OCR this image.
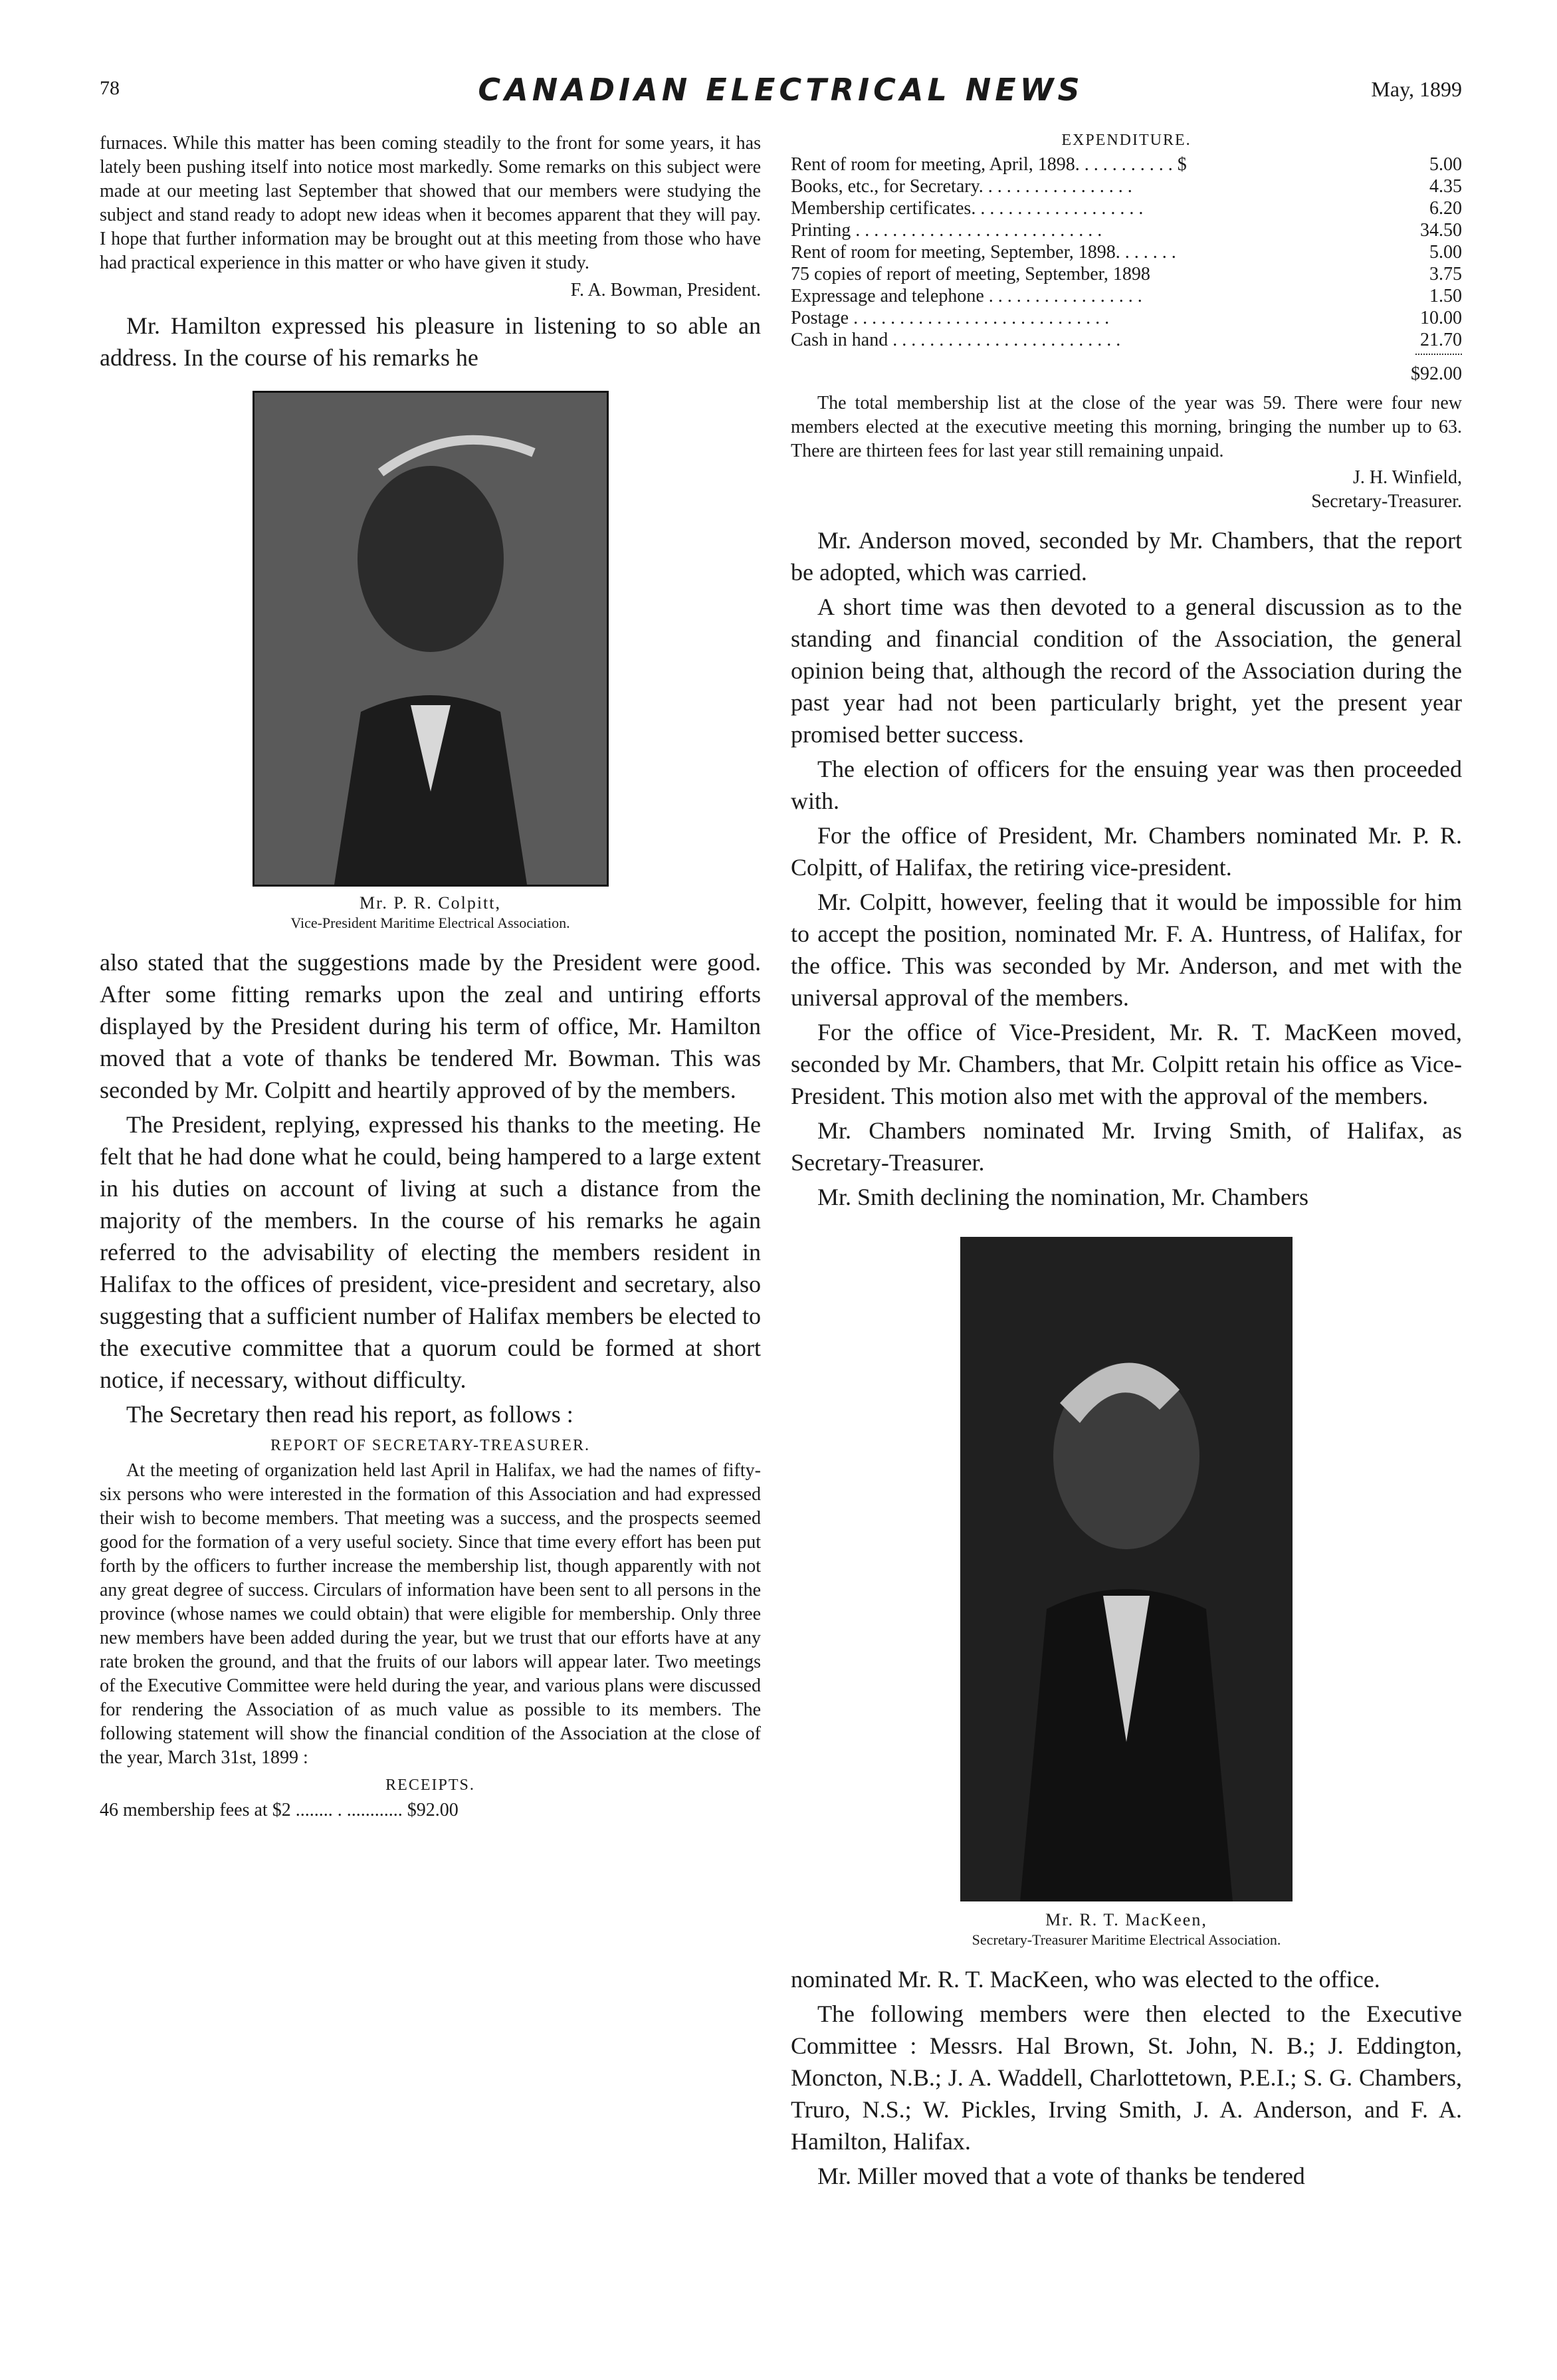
78	CANADIAN ELECTRICAL NEWS	May, 1899

furnaces. While this matter has been coming steadily to the front for some years, it has lately been pushing itself into notice most markedly. Some remarks on this subject were made at our meeting last September that showed that our members were studying the subject and stand ready to adopt new ideas when it becomes apparent that they will pay. I hope that further information may be brought out at this meeting from those who have had practical experience in this matter or who have given it study.

F. A. Bowman, President.

Mr. Hamilton expressed his pleasure in listening to so able an address. In the course of his remarks he

Mr. P. R. Colpitt,
Vice-President Maritime Electrical Association.

also stated that the suggestions made by the President were good. After some fitting remarks upon the zeal and untiring efforts displayed by the President during his term of office, Mr. Hamilton moved that a vote of thanks be tendered Mr. Bowman. This was seconded by Mr. Colpitt and heartily approved of by the members.

The President, replying, expressed his thanks to the meeting. He felt that he had done what he could, being hampered to a large extent in his duties on account of living at such a distance from the majority of the members. In the course of his remarks he again referred to the advisability of electing the members resident in Halifax to the offices of president, vice-president and secretary, also suggesting that a sufficient number of Halifax members be elected to the executive committee that a quorum could be formed at short notice, if necessary, without difficulty.

The Secretary then read his report, as follows :

REPORT OF SECRETARY-TREASURER.

At the meeting of organization held last April in Halifax, we had the names of fifty-six persons who were interested in the formation of this Association and had expressed their wish to become members. That meeting was a success, and the prospects seemed good for the formation of a very useful society. Since that time every effort has been put forth by the officers to further increase the membership list, though apparently with not any great degree of success. Circulars of information have been sent to all persons in the province (whose names we could obtain) that were eligible for membership. Only three new members have been added during the year, but we trust that our efforts have at any rate broken the ground, and that the fruits of our labors will appear later. Two meetings of the Executive Committee were held during the year, and various plans were discussed for rendering the Association of as much value as possible to its members. The following statement will show the financial condition of the Association at the close of the year, March 31st, 1899 :

RECEIPTS.

46 membership fees at $2 ........ . ............ $92.00

EXPENDITURE.
Rent of room for meeting, April, 1898. . . . . . . . . . . $	5.00
Books, etc., for Secretary. . . . . . . . . . . . . . . . .	4.35
Membership certificates. . . . . . . . . . . . . . . . . . .	6.20
Printing . . . . . . . . . . . . . . . . . . . . . . . . . . .	34.50
Rent of room for meeting, September, 1898. . . . . . .	5.00
75 copies of report of meeting, September, 1898	3.75
Expressage and telephone . . . . . . . . . . . . . . . . .	1.50
Postage . . . . . . . . . . . . . . . . . . . . . . . . . . . .	10.00
Cash in hand . . . . . . . . . . . . . . . . . . . . . . . . .	21.70
$92.00

The total membership list at the close of the year was 59. There were four new members elected at the executive meeting this morning, bringing the number up to 63. There are thirteen fees for last year still remaining unpaid.

J. H. Winfield,
Secretary-Treasurer.

Mr. Anderson moved, seconded by Mr. Chambers, that the report be adopted, which was carried.

A short time was then devoted to a general discussion as to the standing and financial condition of the Association, the general opinion being that, although the record of the Association during the past year had not been particularly bright, yet the present year promised better success.

The election of officers for the ensuing year was then proceeded with.

For the office of President, Mr. Chambers nominated Mr. P. R. Colpitt, of Halifax, the retiring vice-president.

Mr. Colpitt, however, feeling that it would be impossible for him to accept the position, nominated Mr. F. A. Huntress, of Halifax, for the office. This was seconded by Mr. Anderson, and met with the universal approval of the members.

For the office of Vice-President, Mr. R. T. MacKeen moved, seconded by Mr. Chambers, that Mr. Colpitt retain his office as Vice-President. This motion also met with the approval of the members.

Mr. Chambers nominated Mr. Irving Smith, of Halifax, as Secretary-Treasurer.

Mr. Smith declining the nomination, Mr. Chambers

Mr. R. T. MacKeen,
Secretary-Treasurer Maritime Electrical Association.

nominated Mr. R. T. MacKeen, who was elected to the office.

The following members were then elected to the Executive Committee : Messrs. Hal Brown, St. John, N. B.; J. Eddington, Moncton, N.B.; J. A. Waddell, Charlottetown, P.E.I.; S. G. Chambers, Truro, N.S.; W. Pickles, Irving Smith, J. A. Anderson, and F. A. Hamilton, Halifax.

Mr. Miller moved that a vote of thanks be tendered
